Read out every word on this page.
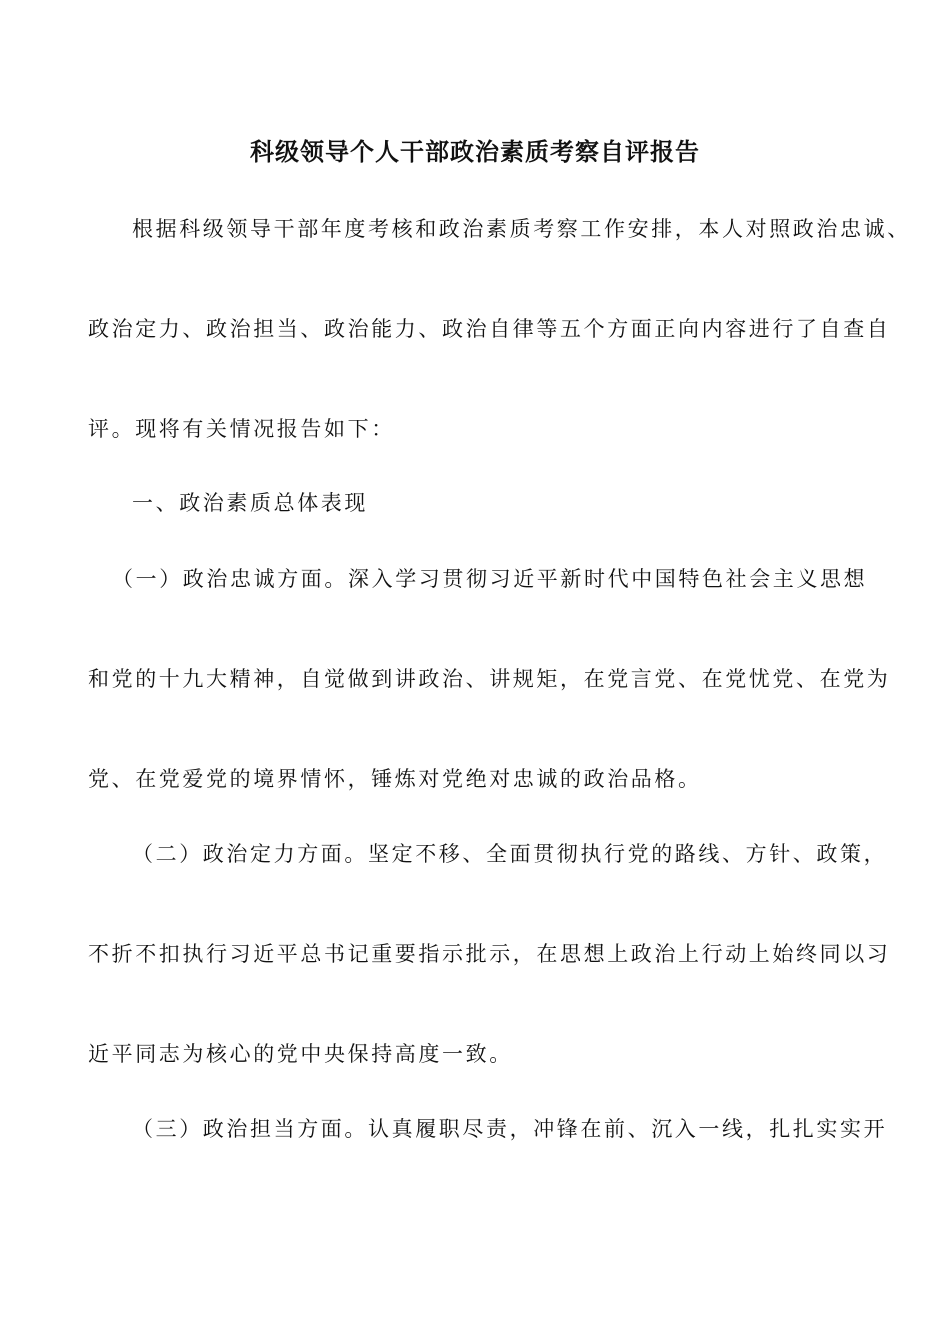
科级领导个人干部政治素质考察自评报告
根据科级领导干部年度考核和政治素质考察工作安排，本人对照政治忠诚、
政治定力、政治担当、政治能力、政治自律等五个方面正向内容进行了自查自
评。现将有关情况报告如下：
一、政治素质总体表现
（一）政治忠诚方面。深入学习贯彻习近平新时代中国特色社会主义思想
和党的十九大精神，自觉做到讲政治、讲规矩，在党言党、在党忧党、在党为
党、在党爱党的境界情怀，锤炼对党绝对忠诚的政治品格。
（二）政治定力方面。坚定不移、全面贯彻执行党的路线、方针、政策，
不折不扣执行习近平总书记重要指示批示，在思想上政治上行动上始终同以习
近平同志为核心的党中央保持高度一致。
（三）政治担当方面。认真履职尽责，冲锋在前、沉入一线，扎扎实实开
